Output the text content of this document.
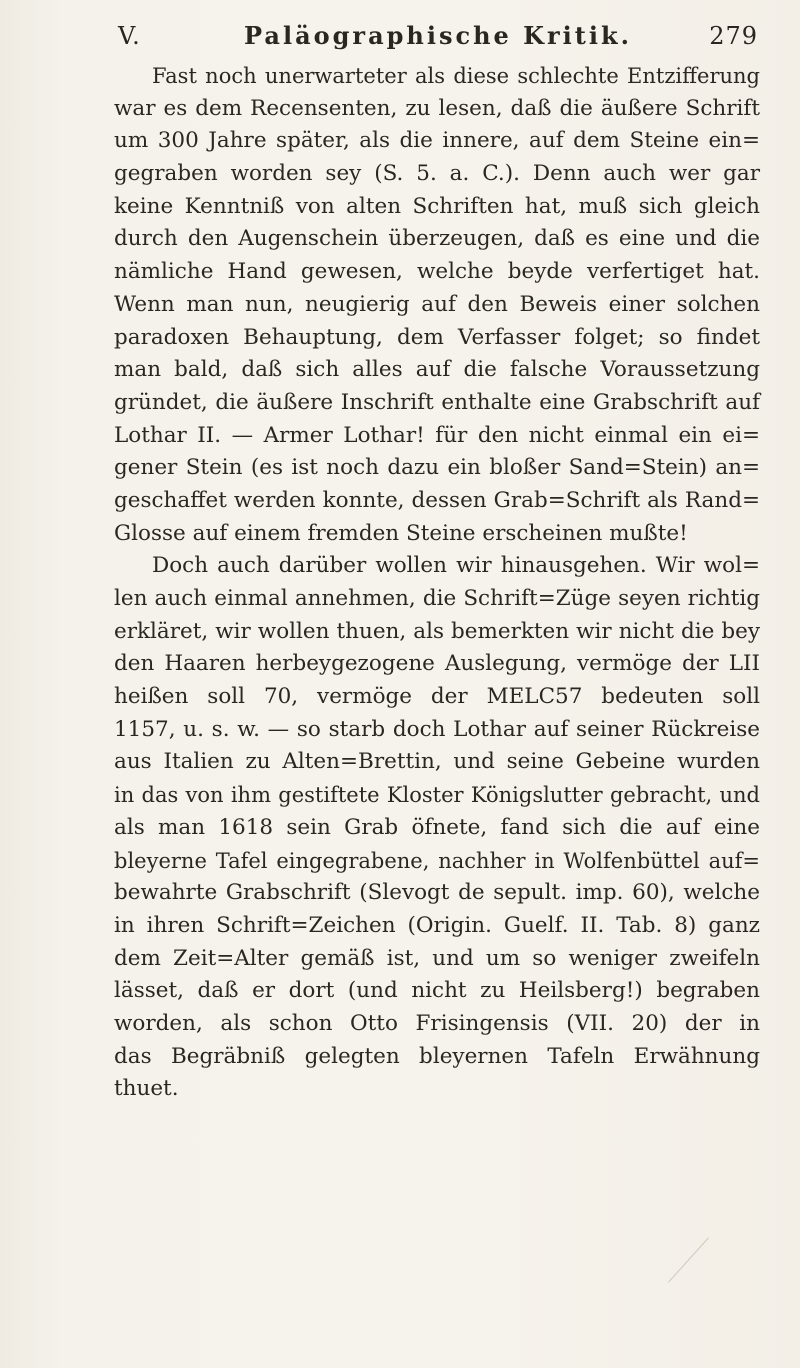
V.	Paläographische Kritik.	279
Fast noch unerwarteter als diese schlechte Entzifferung
war es dem Recensenten, zu lesen, daß die äußere Schrift
um 300 Jahre später, als die innere, auf dem Steine ein=
gegraben worden sey (S. 5. a. C.). Denn auch wer gar
keine Kenntniß von alten Schriften hat, muß sich gleich
durch den Augenschein überzeugen, daß es eine und die
nämliche Hand gewesen, welche beyde verfertiget hat.
Wenn man nun, neugierig auf den Beweis einer solchen
paradoxen Behauptung, dem Verfasser folget; so findet
man bald, daß sich alles auf die falsche Voraussetzung
gründet, die äußere Inschrift enthalte eine Grabschrift auf
Lothar II. — Armer Lothar! für den nicht einmal ein ei=
gener Stein (es ist noch dazu ein bloßer Sand=Stein) an=
geschaffet werden konnte, dessen Grab=Schrift als Rand=
Glosse auf einem fremden Steine erscheinen mußte!
Doch auch darüber wollen wir hinausgehen. Wir wol=
len auch einmal annehmen, die Schrift=Züge seyen richtig
erkläret, wir wollen thuen, als bemerkten wir nicht die bey
den Haaren herbeygezogene Auslegung, vermöge der LII
heißen soll 70, vermöge der MELC57 bedeuten soll
1157, u. s. w. — so starb doch Lothar auf seiner Rückreise
aus Italien zu Alten=Brettin, und seine Gebeine wurden
in das von ihm gestiftete Kloster Königslutter gebracht, und
als man 1618 sein Grab öfnete, fand sich die auf eine
bleyerne Tafel eingegrabene, nachher in Wolfenbüttel auf=
bewahrte Grabschrift (Slevogt de sepult. imp. 60), welche
in ihren Schrift=Zeichen (Origin. Guelf. II. Tab. 8) ganz
dem Zeit=Alter gemäß ist, und um so weniger zweifeln
lässet, daß er dort (und nicht zu Heilsberg!) begraben
worden, als schon Otto Frisingensis (VII. 20) der in
das Begräbniß gelegten bleyernen Tafeln Erwähnung
thuet.
